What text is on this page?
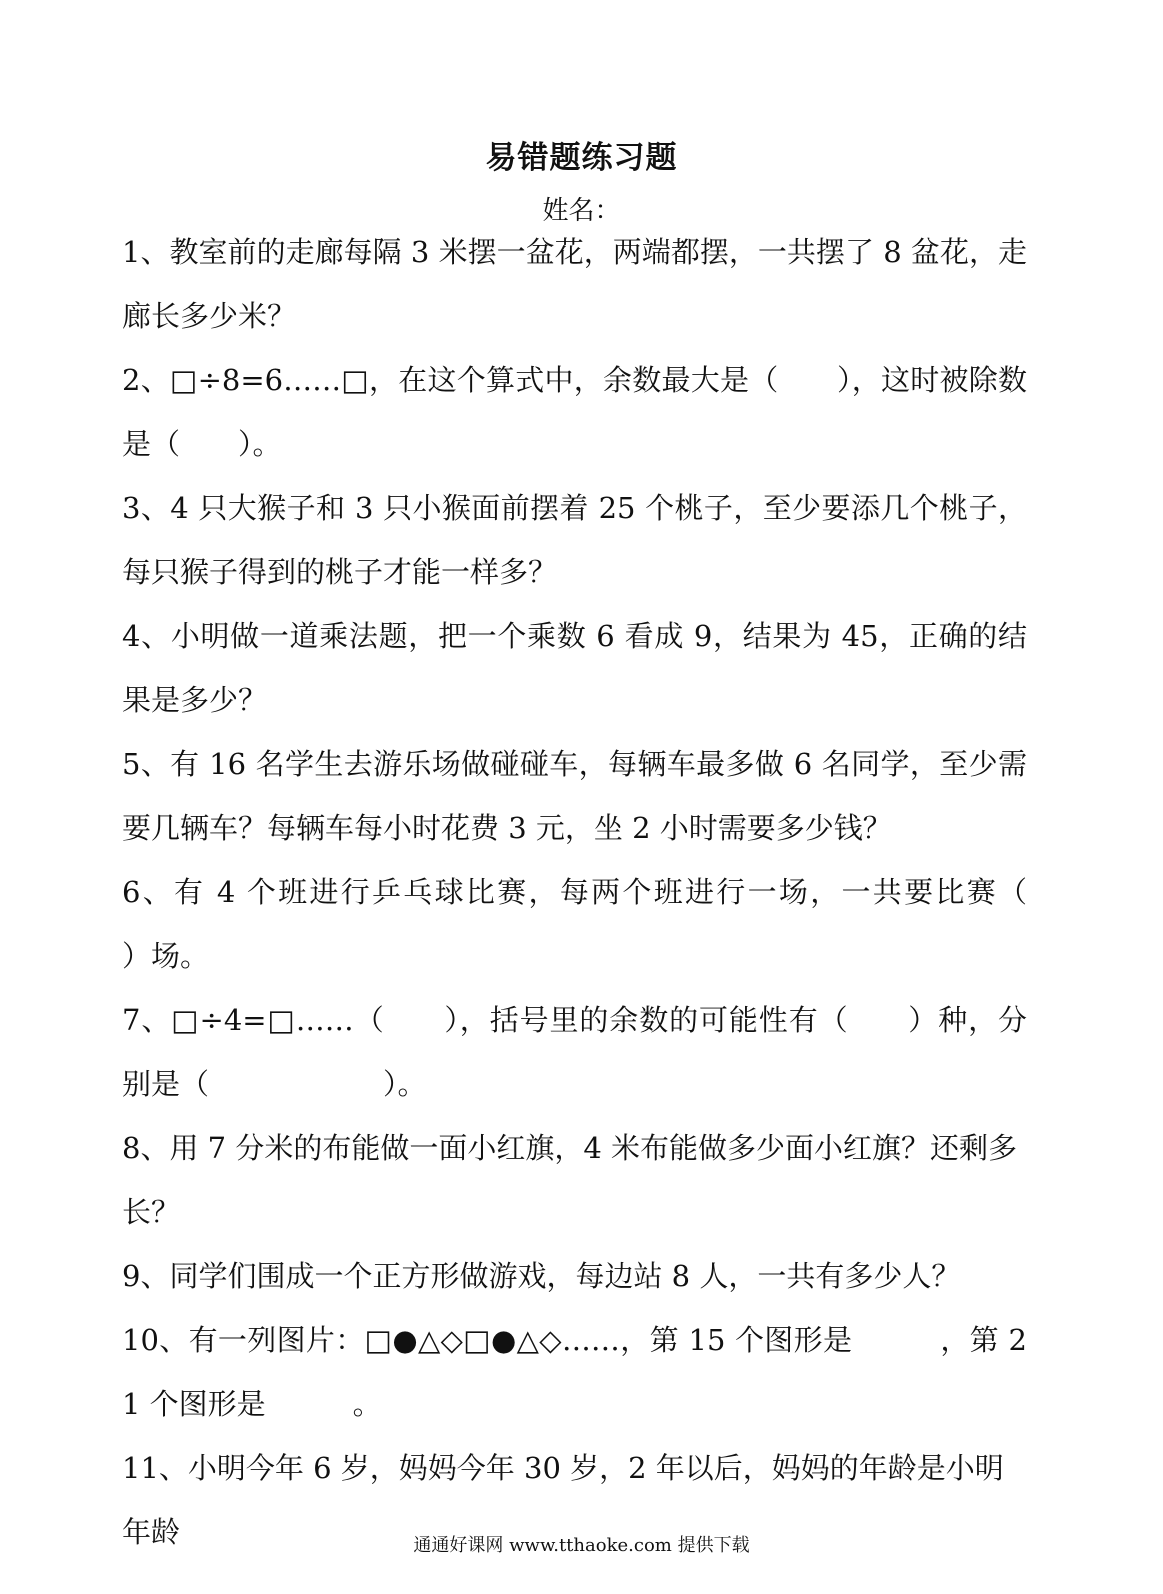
易错题练习题
姓名：

1、教室前的走廊每隔 3 米摆一盆花，两端都摆，一共摆了 8 盆花，走廊长多少米？

2、□÷8=6……□，在这个算式中，余数最大是（　　），这时被除数是（　　）。

3、4 只大猴子和 3 只小猴面前摆着 25 个桃子，至少要添几个桃子，每只猴子得到的桃子才能一样多？

4、小明做一道乘法题，把一个乘数 6 看成 9，结果为 45，正确的结果是多少？

5、有 16 名学生去游乐场做碰碰车，每辆车最多做 6 名同学，至少需要几辆车？每辆车每小时花费 3 元，坐 2 小时需要多少钱？

6、有 4 个班进行乒乓球比赛，每两个班进行一场，一共要比赛（　　）场。

7、□÷4=□……（　　），括号里的余数的可能性有（　　）种，分别是（　　　　　　）。

8、用 7 分米的布能做一面小红旗，4 米布能做多少面小红旗？还剩多长？

9、同学们围成一个正方形做游戏，每边站 8 人，一共有多少人？

10、有一列图片：□●△◇□●△◇……，第 15 个图形是　　　，第 21 个图形是　　　。

11、小明今年 6 岁，妈妈今年 30 岁，2 年以后，妈妈的年龄是小明年龄	通通好课网 www.tthaoke.com 提供下载
